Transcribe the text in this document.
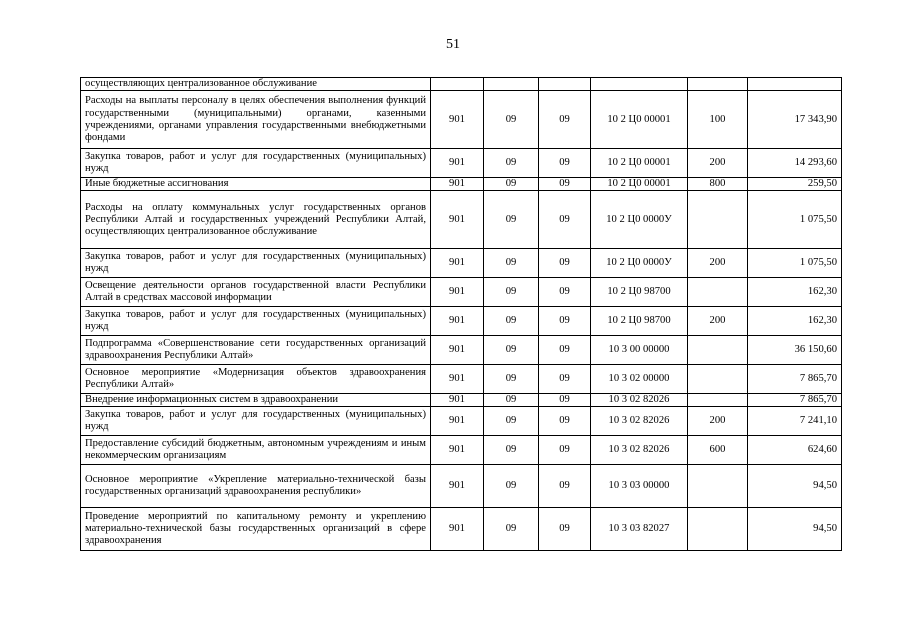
51
осуществляющих централизованное обслуживание						
Расходы на выплаты персоналу в целях обеспечения выполнения функций государственными (муниципальными) органами, казенными учреждениями, органами управления государственными внебюджетными фондами	901	09	09	10 2 Ц0 00001	100	17 343,90
Закупка товаров, работ и услуг для государственных (муниципальных) нужд	901	09	09	10 2 Ц0 00001	200	14 293,60
Иные бюджетные ассигнования	901	09	09	10 2 Ц0 00001	800	259,50
Расходы на оплату коммунальных услуг государственных органов Республики Алтай и государственных учреждений Республики Алтай, осуществляющих централизованное обслуживание	901	09	09	10 2 Ц0 0000У		1 075,50
Закупка товаров, работ и услуг для государственных (муниципальных) нужд	901	09	09	10 2 Ц0 0000У	200	1 075,50
Освещение деятельности органов государственной власти Республики Алтай в средствах массовой информации	901	09	09	10 2 Ц0 98700		162,30
Закупка товаров, работ и услуг для государственных (муниципальных) нужд	901	09	09	10 2 Ц0 98700	200	162,30
Подпрограмма «Совершенствование сети государственных организаций здравоохранения Республики Алтай»	901	09	09	10 3 00 00000		36 150,60
Основное мероприятие «Модернизация объектов здравоохранения Республики Алтай»	901	09	09	10 3 02 00000		7 865,70
Внедрение информационных систем в здравоохранении	901	09	09	10 3 02 82026		7 865,70
Закупка товаров, работ и услуг для государственных (муниципальных) нужд	901	09	09	10 3 02 82026	200	7 241,10
Предоставление субсидий бюджетным, автономным учреждениям и иным некоммерческим организациям	901	09	09	10 3 02 82026	600	624,60
Основное мероприятие «Укрепление материально-технической базы государственных организаций здравоохранения республики»	901	09	09	10 3 03 00000		94,50
Проведение мероприятий по капитальному ремонту и укреплению материально-технической базы государственных организаций в сфере здравоохранения	901	09	09	10 3 03 82027		94,50
